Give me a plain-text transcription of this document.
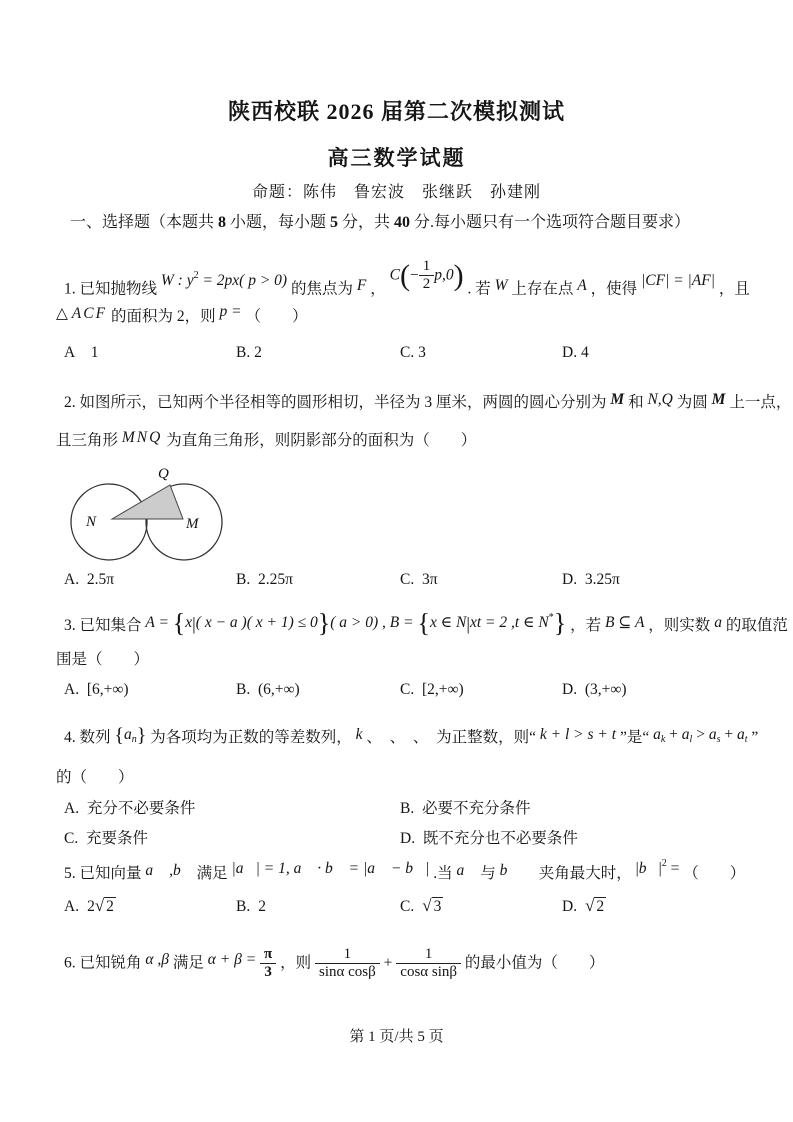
陕西校联 2026 届第二次模拟测试
高三数学试题
命题：陈伟　鲁宏波　张继跃　孙建刚
一、选择题（本题共 8 小题，每小题 5 分，共 40 分.每小题只有一个选项符合题目要求）
1. 已知抛物线 W : $y^2 = 2px$( p > 0) 的焦点为 F ， $C(- \frac{1}{2} p,0)$ . 若 W 上存在点 A ，使得 |CF| = |AF| ，且
△ ACF 的面积为 2，则 p = （　　）
A  1	B. 2	C. 3	D. 4
2. 如图所示，已知两个半径相等的圆形相切，半径为 3 厘米，两圆的圆心分别为 M 和 N,Q 为圆 M 上一点，
且三角形 MNQ 为直角三角形，则阴影部分的面积为（　　）
Q
N	M
A. 2.5π	B. 2.25π	C. 3π	D. 3.25π
3. 已知集合 A = {x|( x − a )( x + 1) ≤ 0}( a > 0) , B = {x ∈ N|xt = 2 ,t ∈ N*} ，若 B ⊆ A ，则实数 a 的取值范
围是（　　）
A. [6,+∞)	B. (6,+∞)	C. [2,+∞)	D. (3,+∞)
4. 数列 $\{a_n\}$ 为各项均为正数的等差数列， k 、　、　、　为正整数，则“ k + l > s + t ”是“ $a_k + a_l > a_s + a_t$ ”
的（　　）
A. 充分不必要条件	B. 必要不充分条件
C. 充要条件	D. 既不充分也不必要条件
5. 已知向量 a⃗ ,b⃗ 满足 |a⃗| = 1, a⃗ · b⃗ = |a⃗ − b⃗| .当 a⃗ 与 b⃗ 　夹角最大时， $|b⃗|^2$ = （　　）
A. 2√ 2	B. 2	C. √ 3	D. √ 2
6. 已知锐角 α ,β 满足 $\alpha + \beta = \frac{\pi}{3}$ ，则 $\frac{1}{\text{sinα cosβ}} + \frac{1}{\text{cosα sinβ}}$ 的最小值为（　　）
第 1 页/共 5 页
